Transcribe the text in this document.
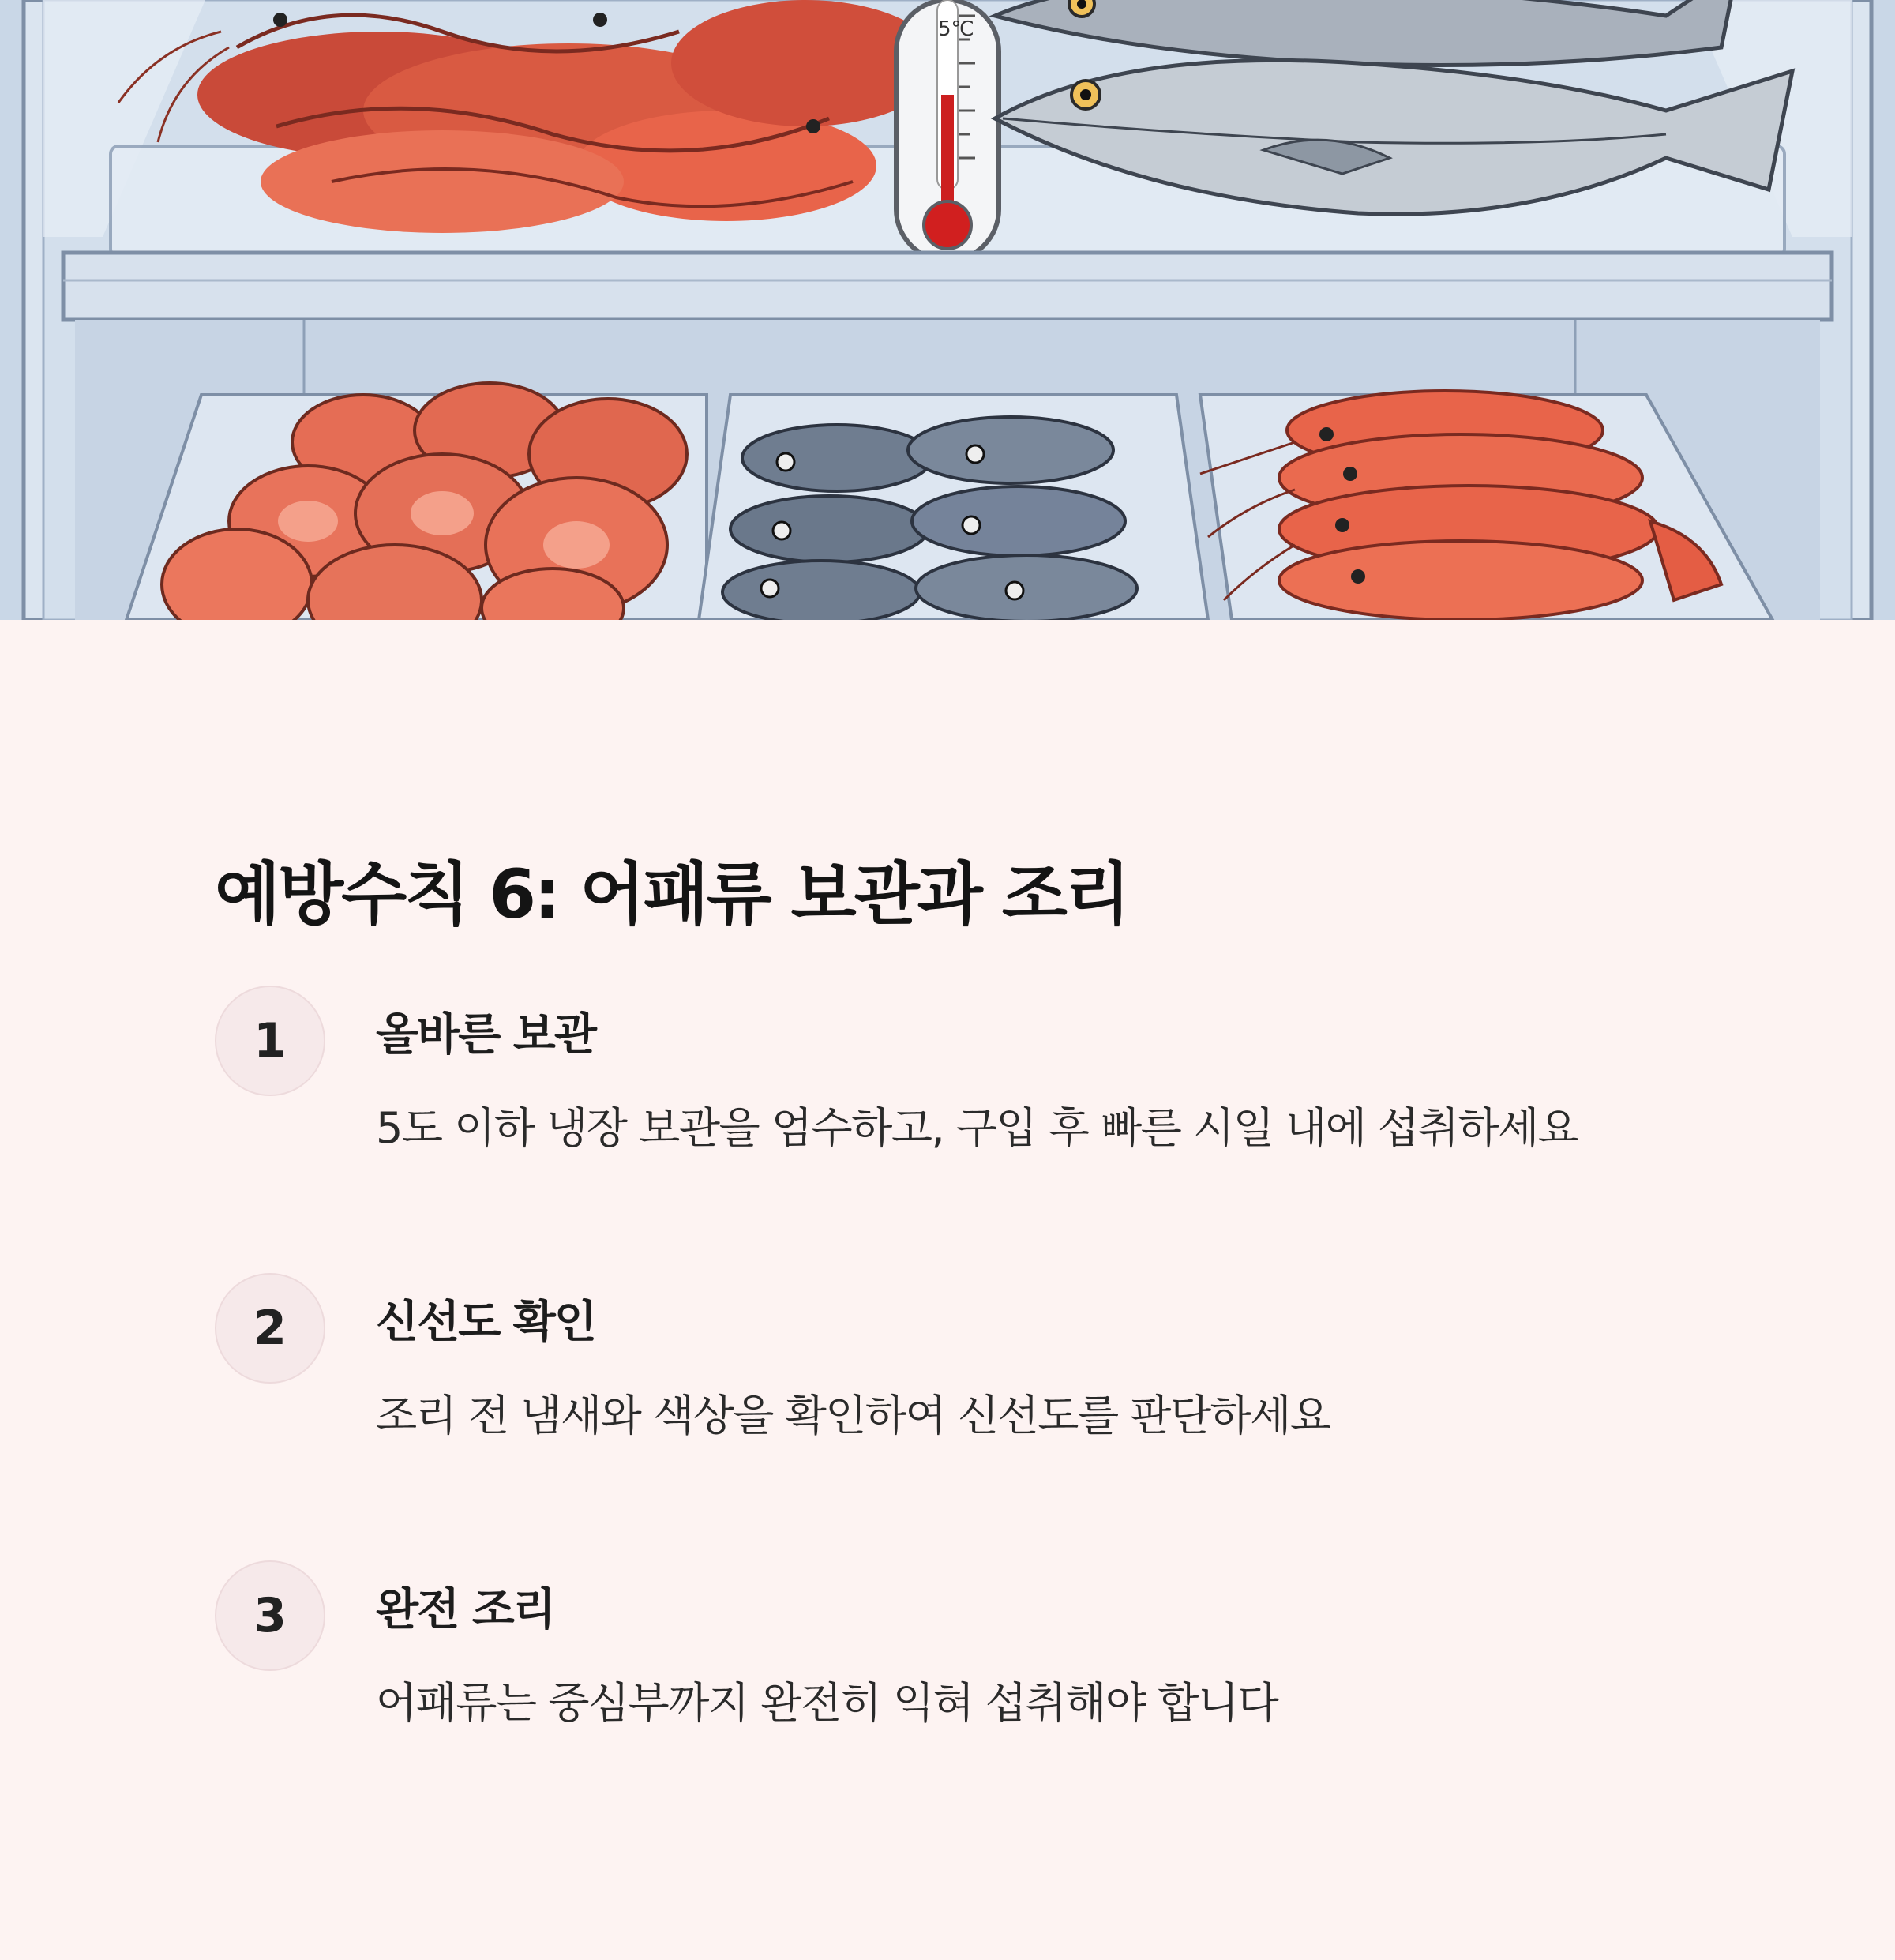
5℃
예방수칙 6: 어패류 보관과 조리
1	올바른 보관
5도 이하 냉장 보관을 엄수하고, 구입 후 빠른 시일 내에 섭취하세요
2	신선도 확인
조리 전 냄새와 색상을 확인하여 신선도를 판단하세요
3	완전 조리
어패류는 중심부까지 완전히 익혀 섭취해야 합니다
